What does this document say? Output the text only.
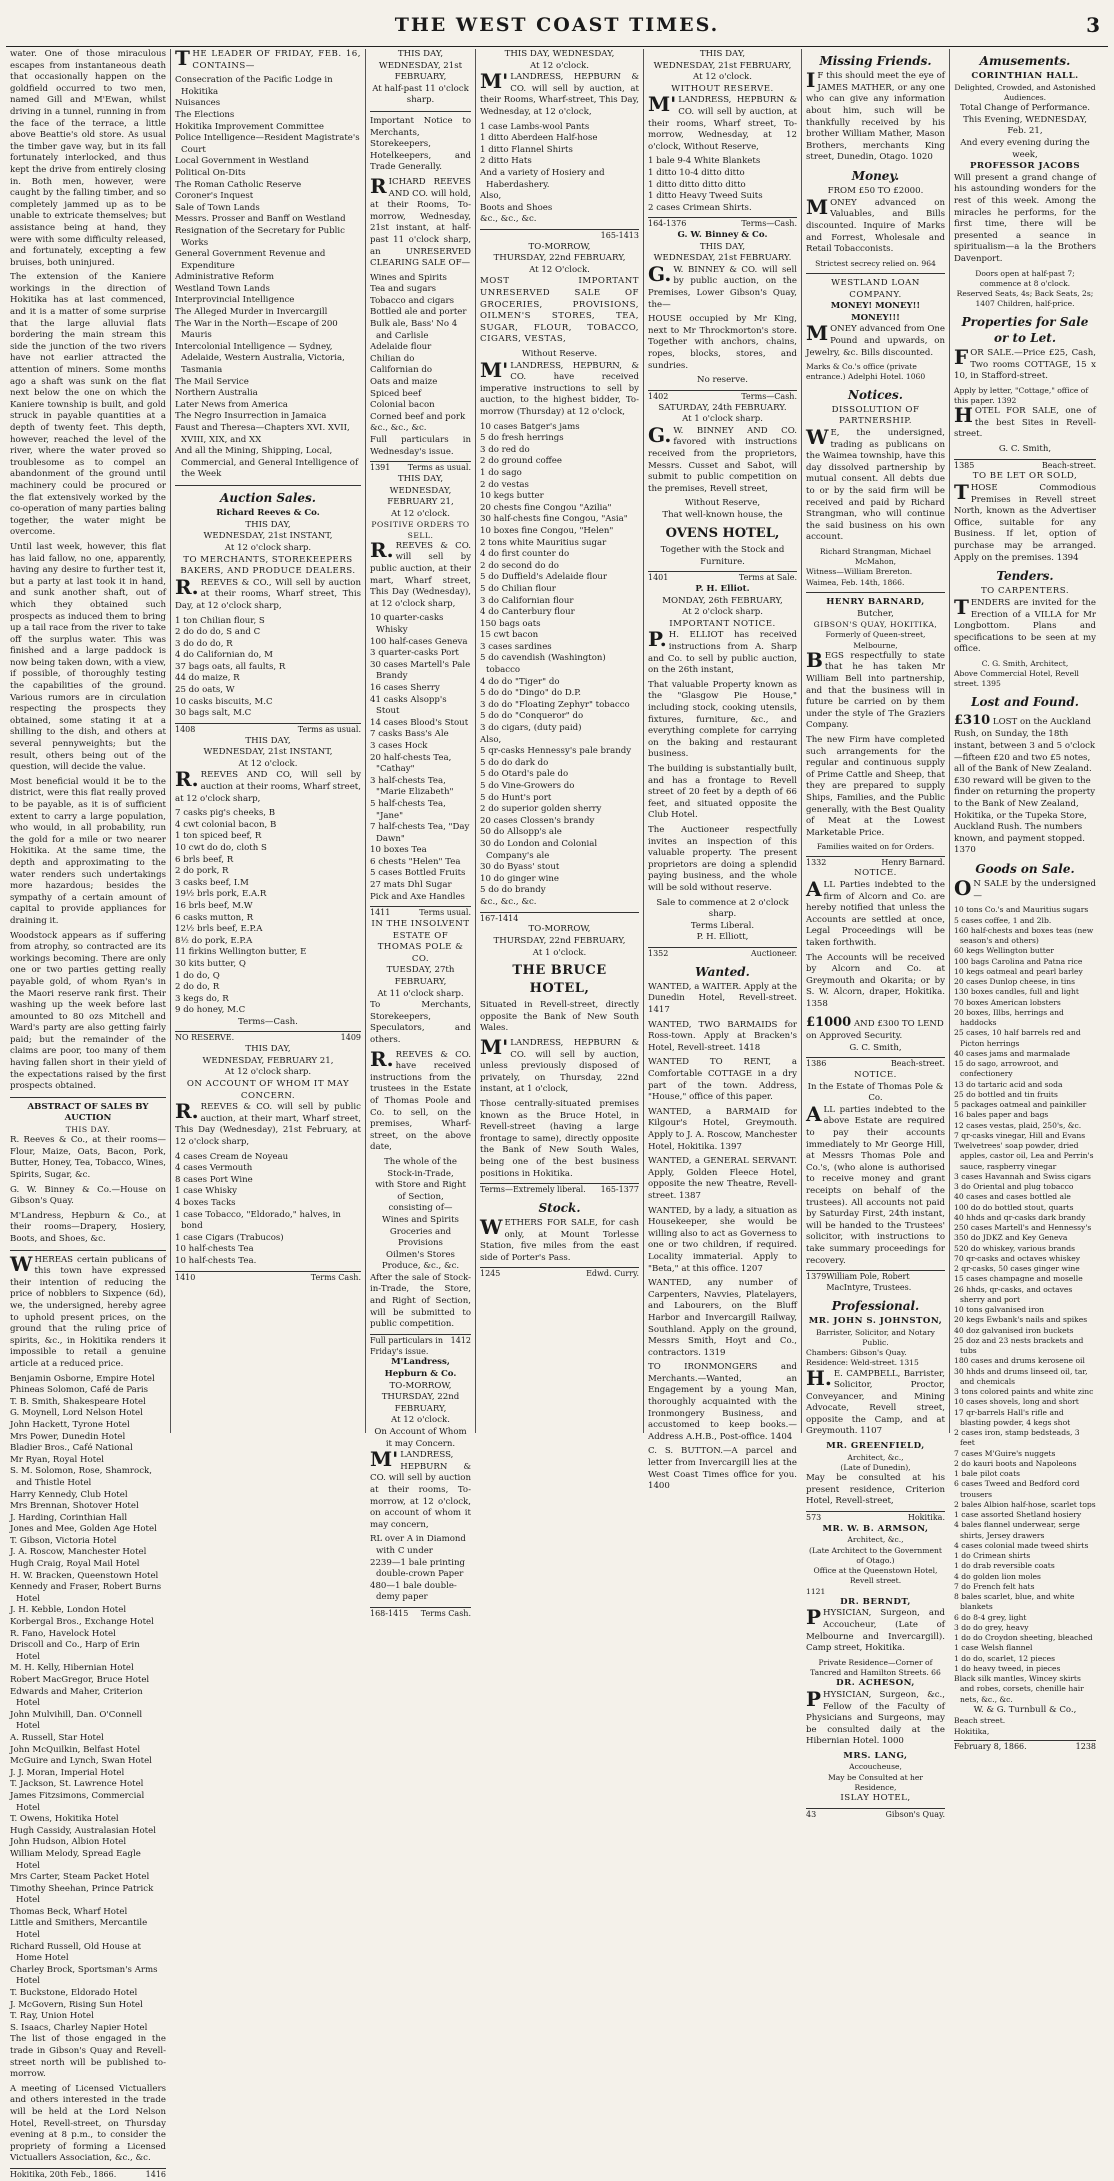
THE WEST COAST TIMES.	3

water. One of those miraculous escapes from instantaneous death that occasionally happen on the goldfield occurred to two men, named Gill and M'Ewan, whilst driving in a tunnel, running in from the face of the terrace, a little above Beattie's old store. As usual the timber gave way, but in its fall fortunately interlocked, and thus kept the drive from entirely closing in. Both men, however, were caught by the falling timber, and so completely jammed up as to be unable to extricate themselves; but assistance being at hand, they were with some difficulty released, and fortunately, excepting a few bruises, both uninjured.

The extension of the Kaniere workings in the direction of Hokitika has at last commenced, and it is a matter of some surprise that the large alluvial flats bordering the main stream this side the junction of the two rivers have not earlier attracted the attention of miners. Some months ago a shaft was sunk on the flat next below the one on which the Kaniere township is built, and gold struck in payable quantities at a depth of twenty feet. This depth, however, reached the level of the river, where the water proved so troublesome as to compel an abandonment of the ground until machinery could be procured or the flat extensively worked by the co-operation of many parties baling together, the water might be overcome.

Until last week, however, this flat has laid fallow, no one, apparently, having any desire to further test it, but a party at last took it in hand, and sunk another shaft, out of which they obtained such prospects as induced them to bring up a tail race from the river to take off the surplus water. This was finished and a large paddock is now being taken down, with a view, if possible, of thoroughly testing the capabilities of the ground. Various rumors are in circulation respecting the prospects they obtained, some stating it at a shilling to the dish, and others at several pennyweights; but the result, others being out of the question, will decide the value.

Most beneficial would it be to the district, were this flat really proved to be payable, as it is of sufficient extent to carry a large population, who would, in all probability, run the gold for a mile or two nearer Hokitika. At the same time, the depth and approximating to the water renders such undertakings more hazardous; besides the sympathy of a certain amount of capital to provide appliances for draining it.

Woodstock appears as if suffering from atrophy, so contracted are its workings becoming. There are only one or two parties getting really payable gold, of whom Ryan's in the Maori reserve rank first. Their washing up the week before last amounted to 80 ozs Mitchell and Ward's party are also getting fairly paid; but the remainder of the claims are poor, too many of them having fallen short in their yield of the expectations raised by the first prospects obtained.

ABSTRACT OF SALES BY AUCTION
THIS DAY.

R. Reeves & Co., at their rooms—Flour, Maize, Oats, Bacon, Pork, Butter, Honey, Tea, Tobacco, Wines, Spirits, Sugar, &c.

G. W. Binney & Co.—House on Gibson's Quay.

M'Landress, Hepburn & Co., at their rooms—Drapery, Hosiery, Boots, and Shoes, &c.

WHEREAS certain publicans of this town have expressed their intention of reducing the price of nobblers to Sixpence (6d), we, the undersigned, hereby agree to uphold present prices, on the ground that the ruling price of spirits, &c., in Hokitika renders it impossible to retail a genuine article at a reduced price.

Benjamin Osborne, Empire Hotel
Phineas Solomon, Café de Paris
T. B. Smith, Shakespeare Hotel
G. Moynell, Lord Nelson Hotel
John Hackett, Tyrone Hotel
Mrs Power, Dunedin Hotel
Bladier Bros., Café National
Mr Ryan, Royal Hotel
S. M. Solomon, Rose, Shamrock, and Thistle Hotel
Harry Kennedy, Club Hotel
Mrs Brennan, Shotover Hotel
J. Harding, Corinthian Hall
Jones and Mee, Golden Age Hotel
T. Gibson, Victoria Hotel
J. A. Roscow, Manchester Hotel
Hugh Craig, Royal Mail Hotel
H. W. Bracken, Queenstown Hotel
Kennedy and Fraser, Robert Burns Hotel
J. H. Kebble, London Hotel
Korbergal Bros., Exchange Hotel
R. Fano, Havelock Hotel
Driscoll and Co., Harp of Erin Hotel
M. H. Kelly, Hibernian Hotel
Robert MacGregor, Bruce Hotel
Edwards and Maher, Criterion Hotel
John Mulvihill, Dan. O'Connell Hotel
A. Russell, Star Hotel
John McQuilkin, Belfast Hotel
McGuire and Lynch, Swan Hotel
J. J. Moran, Imperial Hotel
T. Jackson, St. Lawrence Hotel
James Fitzsimons, Commercial Hotel
T. Owens, Hokitika Hotel
Hugh Cassidy, Australasian Hotel
John Hudson, Albion Hotel
William Melody, Spread Eagle Hotel
Mrs Carter, Steam Packet Hotel
Timothy Sheehan, Prince Patrick Hotel
Thomas Beck, Wharf Hotel
Little and Smithers, Mercantile Hotel
Richard Russell, Old House at Home Hotel
Charley Brock, Sportsman's Arms Hotel
T. Buckstone, Eldorado Hotel
J. McGovern, Rising Sun Hotel
T. Ray, Union Hotel
S. Isaacs, Charley Napier Hotel

The list of those engaged in the trade in Gibson's Quay and Revell-street north will be published to-morrow.

A meeting of Licensed Victuallers and others interested in the trade will be held at the Lord Nelson Hotel, Revell-street, on Thursday evening at 8 p.m., to consider the propriety of forming a Licensed Victuallers Association, &c., &c.

Hokitika, 20th Feb., 1866.	1416

THE LEADER OF FRIDAY, FEB. 16, CONTAINS—

Consecration of the Pacific Lodge in Hokitika
Nuisances
The Elections
Hokitika Improvement Committee
Police Intelligence—Resident Magistrate's Court
Local Government in Westland
Political On-Dits
The Roman Catholic Reserve
Coroner's Inquest
Sale of Town Lands
Messrs. Prosser and Banff on Westland
Resignation of the Secretary for Public Works
General Government Revenue and Expenditure
Administrative Reform
Westland Town Lands
Interprovincial Intelligence
The Alleged Murder in Invercargill
The War in the North—Escape of 200 Mauris
Intercolonial Intelligence — Sydney, Adelaide, Western Australia, Victoria, Tasmania
The Mail Service
Northern Australia
Later News from America
The Negro Insurrection in Jamaica
Faust and Theresa—Chapters XVI. XVII, XVIII, XIX, and XX
And all the Mining, Shipping, Local, Commercial, and General Intelligence of the Week
Auction Sales.
Richard Reeves & Co.
THIS DAY,
WEDNESDAY, 21st INSTANT,
At 12 o'clock sharp.
TO MERCHANTS, STOREKEEPERS BAKERS, AND PRODUCE DEALERS.

R.REEVES & CO., Will sell by auction at their rooms, Wharf street, This Day, at 12 o'clock sharp,

1 ton Chilian flour, S
2 do do do, S and C
3 do do do, R
4 do Californian do, M
37 bags oats, all faults, R
44 do maize, R
25 do oats, W
10 casks biscuits, M.C
30 bags salt, M.C
1408	Terms as usual.
THIS DAY,
WEDNESDAY, 21st INSTANT,
At 12 o'clock.

R.REEVES AND CO, Will sell by auction at their rooms, Wharf street, at 12 o'clock sharp,

7 casks pig's cheeks, B
4 cwt colonial bacon, B
1 ton spiced beef, R
10 cwt do do, cloth S
6 brls beef, R
2 do pork, R
3 casks beef, I.M
19½ brls pork, E.A.R
16 brls beef, M.W
6 casks mutton, R
12½ brls beef, E.P.A
8½ do pork, E.P.A
11 firkins Wellington butter, E
30 kits butter, Q
1 do do, Q
2 do do, R
3 kegs do, R
9 do honey, M.C
Terms—Cash.
NO RESERVE.	1409
THIS DAY,
WEDNESDAY, FEBRUARY 21,
At 12 o'clock sharp.
ON ACCOUNT OF WHOM IT MAY CONCERN.

R.REEVES & CO. will sell by public auction, at their mart, Wharf street, This Day (Wednesday), 21st February, at 12 o'clock sharp,

4 cases Cream de Noyeau
4 cases Vermouth
8 cases Port Wine
1 case Whisky
4 boxes Tacks
1 case Tobacco, "Eldorado," halves, in bond
1 case Cigars (Trabucos)
10 half-chests Tea
10 half-chests Tea.
1410	Terms Cash.
THIS DAY,
WEDNESDAY, 21st FEBRUARY,
At half-past 11 o'clock sharp.

Important Notice to Merchants, Storekeepers, Hotelkeepers, and Trade Generally.

RICHARD REEVES AND CO. will hold, at their Rooms, To-morrow, Wednesday, 21st instant, at half-past 11 o'clock sharp, an UNRESERVED CLEARING SALE OF—

Wines and Spirits
Tea and sugars
Tobacco and cigars
Bottled ale and porter
Bulk ale, Bass' No 4 and Carlisle
Adelaide flour
Chilian do
Californian do
Oats and maize
Spiced beef
Colonial bacon
Corned beef and pork
&c., &c., &c.

Full particulars in Wednesday's issue.

1391 Terms as usual.
THIS DAY,
WEDNESDAY, FEBRUARY 21,
At 12 o'clock.
POSITIVE ORDERS TO SELL.

R.REEVES & CO. will sell by public auction, at their mart, Wharf street, This Day (Wednesday), at 12 o'clock sharp,

10 quarter-casks Whisky
100 half-cases Geneva
3 quarter-casks Port
30 cases Martell's Pale Brandy
16 cases Sherry
41 casks Alsopp's Stout
14 cases Blood's Stout
7 casks Bass's Ale
3 cases Hock
20 half-chests Tea, "Cathay"
3 half-chests Tea, "Marie Elizabeth"
5 half-chests Tea, "Jane"
7 half-chests Tea, "Day Dawn"
10 boxes Tea
6 chests "Helen" Tea
5 cases Bottled Fruits
27 mats Dhl Sugar
Pick and Axe Handles
1411	Terms usual.
IN THE INSOLVENT ESTATE OF THOMAS POLE & CO.
TUESDAY, 27th FEBRUARY,
At 11 o'clock sharp.

To Merchants, Storekeepers, Speculators, and others.

R.REEVES & CO. have received instructions from the trustees in the Estate of Thomas Poole and Co. to sell, on the premises, Wharf-street, on the above date,

The whole of the Stock-in-Trade,
with Store and Right of Section,
consisting of—
Wines and Spirits
Groceries and Provisions
Oilmen's Stores
Produce, &c., &c.

After the sale of Stock-in-Trade, the Store, and Right of Section, will be submitted to public competition.

Full particulars in Friday's issue.
1412
M'Landress, Hepburn & Co.
TO-MORROW,
THURSDAY, 22nd FEBRUARY,
At 12 o'clock.
On Account of Whom it may Concern.

M'LANDRESS, HEPBURN & CO. will sell by auction at their rooms, To-morrow, at 12 o'clock, on account of whom it may concern,

RL over A in Diamond with C under
2239—1 bale printing double-crown Paper
480—1 bale double-demy paper
168-1415 Terms Cash.
THIS DAY, WEDNESDAY,
At 12 o'clock.

M'LANDRESS, HEPBURN & CO. will sell by auction, at their Rooms, Wharf-street, This Day, Wednesday, at 12 o'clock,

1 case Lambs-wool Pants
1 ditto Aberdeen Half-hose
1 ditto Flannel Shirts
2 ditto Hats
And a variety of Hosiery and Haberdashery.
Also,
Boots and Shoes
&c., &c., &c.
165-1413
TO-MORROW,
THURSDAY, 22nd FEBRUARY,
At 12 O'clock.

MOST IMPORTANT UNRESERVED SALE OF GROCERIES, PROVISIONS, OILMEN'S STORES, TEA, SUGAR, FLOUR, TOBACCO, CIGARS, VESTAS,

Without Reserve.

M'LANDRESS, HEPBURN, & CO. have received imperative instructions to sell by auction, to the highest bidder, To-morrow (Thursday) at 12 o'clock,

10 cases Batger's jams
5 do fresh herrings
3 do red do
2 do ground coffee
1 do sago
2 do vestas
10 kegs butter
20 chests fine Congou "Azilia"
30 half-chests fine Congou, "Asia"
10 boxes fine Congou, "Helen"
2 tons white Mauritius sugar
4 do first counter do
2 do second do do
5 do Duffield's Adelaide flour
5 do Chilian flour
3 do Californian flour
4 do Canterbury flour
150 bags oats
15 cwt bacon
3 cases sardines
5 do cavendish (Washington) tobacco
4 do do "Tiger" do
5 do do "Dingo" do D.P.
3 do do "Floating Zephyr" tobacco
5 do do "Conqueror" do
3 do cigars, (duty paid)
Also,
5 qr-casks Hennessy's pale brandy
5 do do dark do
5 do Otard's pale do
5 do Vine-Growers do
5 do Hunt's port
2 do superior golden sherry
20 cases Clossen's brandy
50 do Allsopp's ale
30 do London and Colonial Company's ale
30 do Byass' stout
10 do ginger wine
5 do do brandy
&c., &c., &c.
167-1414
TO-MORROW,
THURSDAY, 22nd FEBRUARY,
At 1 o'clock.
THE BRUCE HOTEL,

Situated in Revell-street, directly opposite the Bank of New South Wales.

M'LANDRESS, HEPBURN & CO. will sell by auction, unless previously disposed of privately, on Thursday, 22nd instant, at 1 o'clock,

Those centrally-situated premises known as the Bruce Hotel, in Revell-street (having a large frontage to same), directly opposite the Bank of New South Wales, being one of the best business positions in Hokitika.

Terms—Extremely liberal. 165-1377
Stock.

WETHERS FOR SALE, for cash only, at Mount Torlesse Station, five miles from the east side of Porter's Pass.

1245	Edwd. Curry.
THIS DAY,
WEDNESDAY, 21st FEBRUARY,
At 12 o'clock.
WITHOUT RESERVE.

M'LANDRESS, HEPBURN & CO. will sell by auction, at their rooms, Wharf street, To-morrow, Wednesday, at 12 o'clock, Without Reserve,

1 bale 9-4 White Blankets
1 ditto 10-4 ditto ditto
1 ditto ditto ditto ditto
1 ditto Heavy Tweed Suits
2 cases Crimean Shirts.
164-1376	Terms—Cash.
G. W. Binney & Co.
THIS DAY,
WEDNESDAY, 21st FEBRUARY.

G.W. BINNEY & CO. will sell by public auction, on the Premises, Lower Gibson's Quay, the—

HOUSE occupied by Mr King, next to Mr Throckmorton's store. Together with anchors, chains, ropes, blocks, stores, and sundries.

No reserve.
1402	Terms—Cash.
SATURDAY, 24th FEBRUARY.
At 1 o'clock sharp.

G.W. BINNEY AND CO. favored with instructions received from the proprietors, Messrs. Cusset and Sabot, will submit to public competition on the premises, Revell street,

Without Reserve,
That well-known house, the
OVENS HOTEL,
Together with the Stock and Furniture.
1401	Terms at Sale.
P. H. Elliot.
MONDAY, 26th FEBRUARY,
At 2 o'clock sharp.
IMPORTANT NOTICE.

P.H. ELLIOT has received instructions from A. Sharp and Co. to sell by public auction, on the 26th instant,

That valuable Property known as the "Glasgow Pie House," including stock, cooking utensils, fixtures, furniture, &c., and everything complete for carrying on the baking and restaurant business.

The building is substantially built, and has a frontage to Revell street of 20 feet by a depth of 66 feet, and situated opposite the Club Hotel.

The Auctioneer respectfully invites an inspection of this valuable property. The present proprietors are doing a splendid paying business, and the whole will be sold without reserve.

Sale to commence at 2 o'clock sharp.
Terms Liberal.
P. H. Elliott,
1352	Auctioneer.
Wanted.

WANTED, a WAITER. Apply at the Dunedin Hotel, Revell-street. 1417

WANTED, TWO BARMAIDS for Ross-town. Apply at Bracken's Hotel, Revell-street. 1418

WANTED TO RENT, a Comfortable COTTAGE in a dry part of the town. Address, "House," office of this paper.

WANTED, a BARMAID for Kilgour's Hotel, Greymouth. Apply to J. A. Roscow, Manchester Hotel, Hokitika. 1397

WANTED, a GENERAL SERVANT. Apply, Golden Fleece Hotel, opposite the new Theatre, Revell-street. 1387

WANTED, by a lady, a situation as Housekeeper, she would be willing also to act as Governess to one or two children, if required. Locality immaterial. Apply to "Beta," at this office. 1207

WANTED, any number of Carpenters, Navvies, Platelayers, and Labourers, on the Bluff Harbor and Invercargill Railway, Southland. Apply on the ground, Messrs Smith, Hoyt and Co., contractors. 1319

TO IRONMONGERS and Merchants.—Wanted, an Engagement by a young Man, thoroughly acquainted with the Ironmongery Business, and accustomed to keep books.—Address A.H.B., Post-office. 1404

C. S. BUTTON.—A parcel and letter from Invercargill lies at the West Coast Times office for you. 1400

Missing Friends.

IF this should meet the eye of JAMES MATHER, or any one who can give any information about him, such will be thankfully received by his brother William Mather, Mason Brothers, merchants King street, Dunedin, Otago. 1020

Money.
FROM £50 TO £2000.

MONEY advanced on Valuables, and Bills discounted. Inquire of Marks and Forrest, Wholesale and Retail Tobacconists.

Strictest secrecy relied on. 964
WESTLAND LOAN COMPANY.
MONEY! MONEY!! MONEY!!!

MONEY advanced from One Pound and upwards, on Jewelry, &c. Bills discounted.

Marks & Co.'s office (private entrance.) Adelphi Hotel. 1060
Notices.
DISSOLUTION OF PARTNERSHIP.

WE, the undersigned, trading as publicans on the Waimea township, have this day dissolved partnership by mutual consent. All debts due to or by the said firm will be received and paid by Richard Strangman, who will continue the said business on his own account.

Richard Strangman, Michael McMahon,
Witness—William Brereton.
Waimea, Feb. 14th, 1866.
HENRY BARNARD,
Butcher,
GIBSON'S QUAY, HOKITIKA,
Formerly of Queen-street, Melbourne,

BEGS respectfully to state that he has taken Mr William Bell into partnership, and that the business will in future be carried on by them under the style of The Graziers Company.

The new Firm have completed such arrangements for the regular and continuous supply of Prime Cattle and Sheep, that they are prepared to supply Ships, Families, and the Public generally, with the Best Quality of Meat at the Lowest Marketable Price.

Families waited on for Orders.
1332	Henry Barnard.
NOTICE.

ALL Parties indebted to the firm of Alcorn and Co. are hereby notified that unless the Accounts are settled at once, Legal Proceedings will be taken forthwith.

The Accounts will be received by Alcorn and Co. at Greymouth and Okarita; or by S. W. Alcorn, draper, Hokitika. 1358

£1000 AND £300 TO LEND on Approved Security.
G. C. Smith,
1386	Beach-street.
NOTICE.
In the Estate of Thomas Pole & Co.

ALL parties indebted to the above Estate are required to pay their accounts immediately to Mr George Hill, at Messrs Thomas Pole and Co.'s, (who alone is authorised to receive money and grant receipts on behalf of the trustees). All accounts not paid by Saturday First, 24th instant, will be handed to the Trustees' solicitor, with instructions to take summary proceedings for recovery.

1379 William Pole, Robert MacIntyre, Trustees.
Professional.
MR. JOHN S. JOHNSTON,
Barrister, Solicitor, and Notary Public.
Chambers: Gibson's Quay. Residence: Weld-street. 1315

H.E. CAMPBELL, Barrister, Solicitor, Proctor, Conveyancer, and Mining Advocate, Revell street, opposite the Camp, and at Greymouth. 1107

MR. GREENFIELD,
Architect, &c.,
(Late of Dunedin),

May be consulted at his present residence, Criterion Hotel, Revell-street,

573	Hokitika.
MR. W. B. ARMSON,
Architect, &c.,
(Late Architect to the Government of Otago.)
Office at the Queenstown Hotel, Revell street.
1121
DR. BERNDT,

PHYSICIAN, Surgeon, and Accoucheur, (Late of Melbourne and Invercargill). Camp street, Hokitika.

Private Residence—Corner of Tancred and Hamilton Streets. 66
DR. ACHESON,

PHYSICIAN, Surgeon, &c., Fellow of the Faculty of Physicians and Surgeons, may be consulted daily at the Hibernian Hotel. 1000

MRS. LANG,
Accoucheuse,
May be Consulted at her Residence,
ISLAY HOTEL,
43	Gibson's Quay.
Amusements.
CORINTHIAN HALL.
Delighted, Crowded, and Astonished Audiences.
Total Change of Performance.
This Evening, WEDNESDAY, Feb. 21,
And every evening during the week,
PROFESSOR JACOBS

Will present a grand change of his astounding wonders for the rest of this week. Among the miracles he performs, for the first time, there will be presented a seance in spiritualism—a la the Brothers Davenport.

Doors open at half-past 7; commence at 8 o'clock.
Reserved Seats, 4s; Back Seats, 2s; 1407 Children, half-price.
Properties for Sale or to Let.

FOR SALE.—Price £25, Cash, Two rooms COTTAGE, 15 x 10, in Stafford-street.

Apply by letter, "Cottage," office of this paper. 1392

HOTEL FOR SALE, one of the best Sites in Revell-street.

G. C. Smith,
1385	Beach-street.
TO BE LET OR SOLD,

THOSE Commodious Premises in Revell street North, known as the Advertiser Office, suitable for any Business. If let, option of purchase may be arranged. Apply on the premises. 1394

Tenders.
TO CARPENTERS.

TENDERS are invited for the Erection of a VILLA for Mr Longbottom. Plans and specifications to be seen at my office.

C. G. Smith, Architect,
Above Commercial Hotel, Revell street. 1395
Lost and Found.
£310 LOST on the Auckland Rush, on Sunday, the 18th instant, between 3 and 5 o'clock—fifteen £20 and two £5 notes, all of the Bank of New Zealand. £30 reward will be given to the finder on returning the property to the Bank of New Zealand, Hokitika, or the Tupeka Store, Auckland Rush. The numbers known, and payment stopped. 1370
Goods on Sale.

ON SALE by the undersigned—

10 tons Co.'s and Mauritius sugars
5 cases coffee, 1 and 2lb.
160 half-chests and boxes teas (new season's and others)
60 kegs Wellington butter
100 bags Carolina and Patna rice
10 kegs oatmeal and pearl barley
20 cases Dunlop cheese, in tins
130 boxes candles, full and light
70 boxes American lobsters
20 boxes, Illbs, herrings and haddocks
25 cases, 10 half barrels red and Picton herrings
40 cases jams and marmalade
15 do sago, arrowroot, and confectionery
13 do tartaric acid and soda
25 do bottled and tin fruits
5 packages oatmeal and painkiller
16 bales paper and bags
12 cases vestas, plaid, 250's, &c.
7 qr-casks vinegar, Hill and Evans
Twelvetrees' soap powder, dried apples, castor oil, Lea and Perrin's sauce, raspberry vinegar
3 cases Havannah and Swiss cigars
3 do Oriental and plug tobacco
40 cases and cases bottled ale
100 do do bottled stout, quarts
40 hhds and qr-casks dark brandy
250 cases Martell's and Hennessy's
350 do JDKZ and Key Geneva
520 do whiskey, various brands
70 qr-casks and octaves whiskey
2 qr-casks, 50 cases ginger wine
15 cases champagne and moselle
26 hhds, qr-casks, and octaves sherry and port
10 tons galvanised iron
20 kegs Ewbank's nails and spikes
40 doz galvanised iron buckets
25 doz and 23 nests brackets and tubs
180 cases and drums kerosene oil
30 hhds and drums linseed oil, tar, and chemicals
3 tons colored paints and white zinc
10 cases shovels, long and short
17 qr-barrels Hall's rifle and blasting powder, 4 kegs shot
2 cases iron, stamp bedsteads, 3 feet
7 cases M'Guire's nuggets
2 do kauri boots and Napoleons
1 bale pilot coats
6 cases Tweed and Bedford cord trousers
2 bales Albion half-hose, scarlet tops
1 case assorted Shetland hosiery
4 bales flannel underwear, serge shirts, Jersey drawers
4 cases colonial made tweed shirts
1 do Crimean shirts
1 do drab reversible coats
4 do golden lion moles
7 do French felt hats
8 bales scarlet, blue, and white blankets
6 do 8-4 grey, light
3 do do grey, heavy
1 do do Croydon sheeting, bleached
1 case Welsh flannel
1 do do, scarlet, 12 pieces
1 do heavy tweed, in pieces
Black silk mantles, Wincey skirts and robes, corsets, chenille hair nets, &c., &c.
W. & G. Turnbull & Co.,
Beach street.
Hokitika,
February 8, 1866.	1238
